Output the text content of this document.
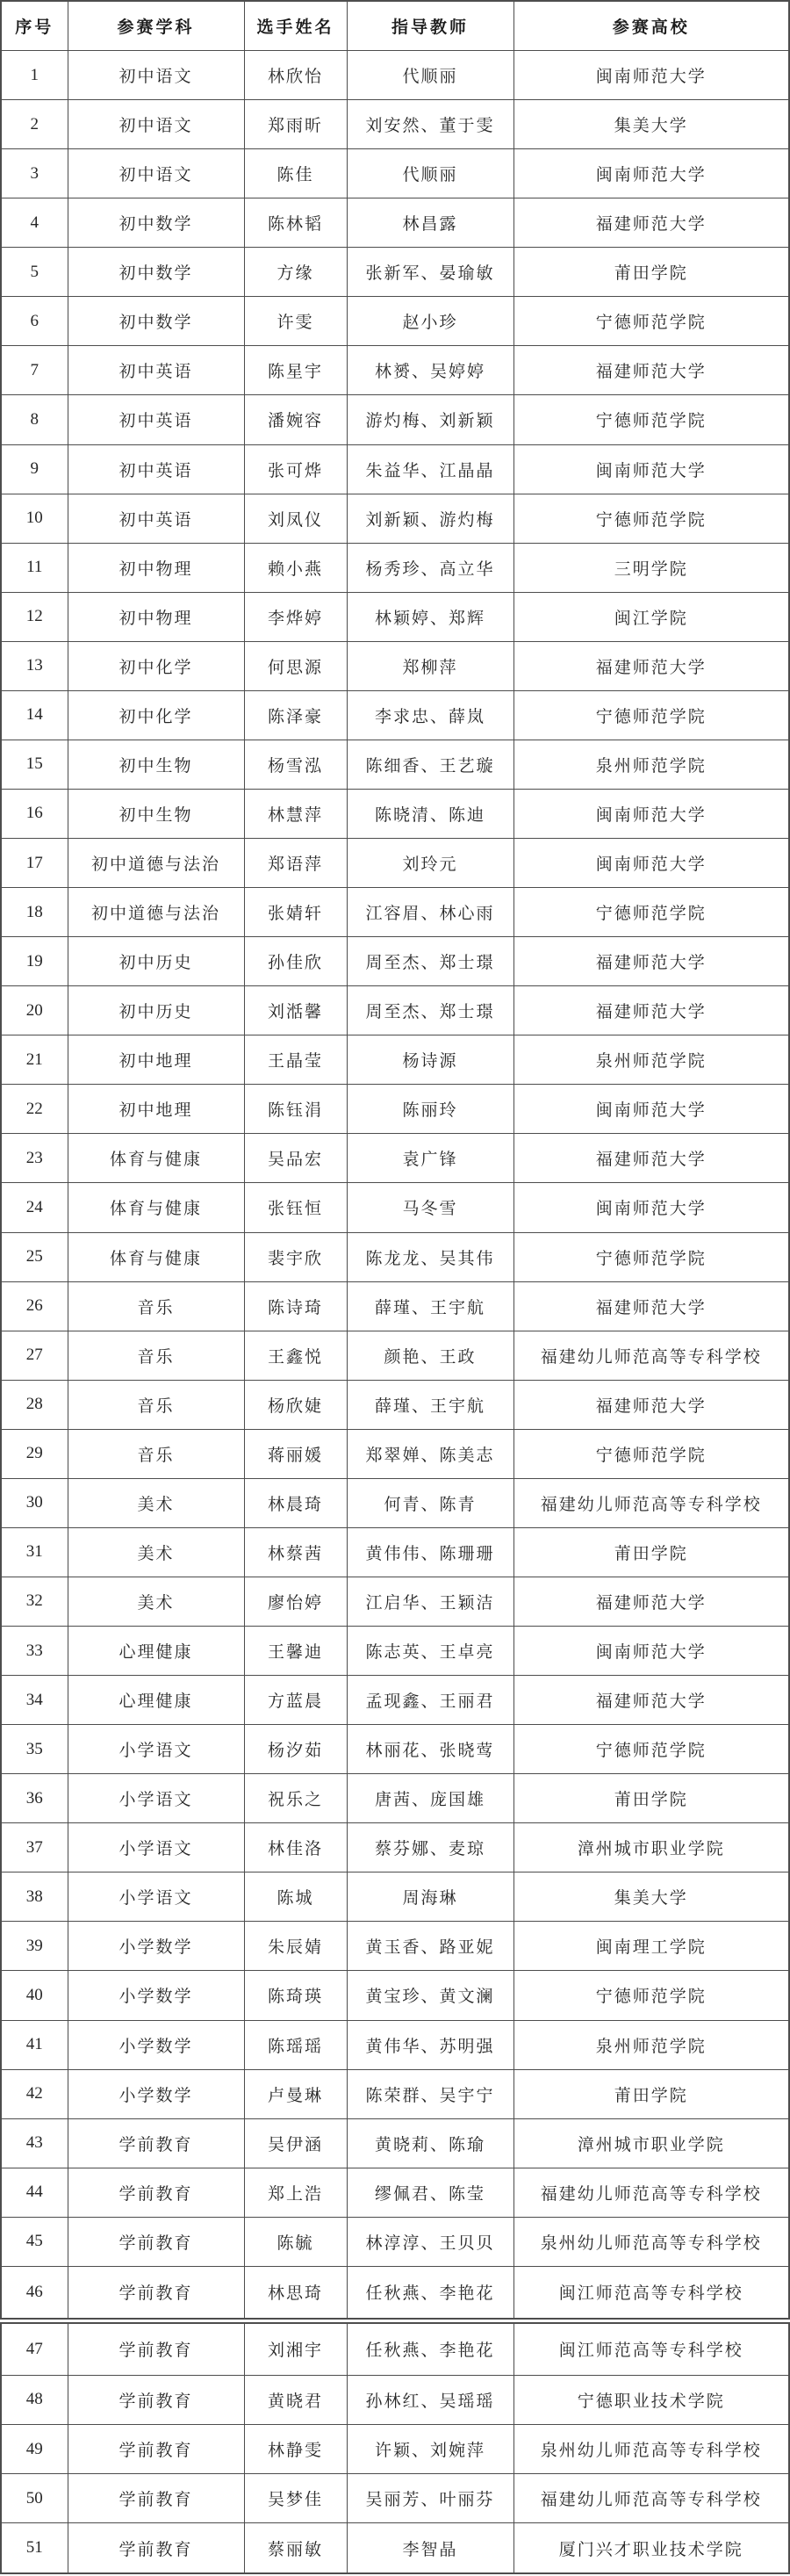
序号	参赛学科	选手姓名	指导教师	参赛高校
1	初中语文	林欣怡	代顺丽	闽南师范大学
2	初中语文	郑雨昕	刘安然、董于雯	集美大学
3	初中语文	陈佳	代顺丽	闽南师范大学
4	初中数学	陈林韬	林昌露	福建师范大学
5	初中数学	方缘	张新军、晏瑜敏	莆田学院
6	初中数学	许雯	赵小珍	宁德师范学院
7	初中英语	陈星宇	林赟、吴婷婷	福建师范大学
8	初中英语	潘婉容	游灼梅、刘新颖	宁德师范学院
9	初中英语	张可烨	朱益华、江晶晶	闽南师范大学
10	初中英语	刘凤仪	刘新颖、游灼梅	宁德师范学院
11	初中物理	赖小燕	杨秀珍、高立华	三明学院
12	初中物理	李烨婷	林颖婷、郑辉	闽江学院
13	初中化学	何思源	郑柳萍	福建师范大学
14	初中化学	陈泽豪	李求忠、薛岚	宁德师范学院
15	初中生物	杨雪泓	陈细香、王艺璇	泉州师范学院
16	初中生物	林慧萍	陈晓清、陈迪	闽南师范大学
17	初中道德与法治	郑语萍	刘玲元	闽南师范大学
18	初中道德与法治	张婧轩	江容眉、林心雨	宁德师范学院
19	初中历史	孙佳欣	周至杰、郑士璟	福建师范大学
20	初中历史	刘湉馨	周至杰、郑士璟	福建师范大学
21	初中地理	王晶莹	杨诗源	泉州师范学院
22	初中地理	陈钰涓	陈丽玲	闽南师范大学
23	体育与健康	吴品宏	袁广锋	福建师范大学
24	体育与健康	张钰恒	马冬雪	闽南师范大学
25	体育与健康	裴宇欣	陈龙龙、吴其伟	宁德师范学院
26	音乐	陈诗琦	薛瑾、王宇航	福建师范大学
27	音乐	王鑫悦	颜艳、王政	福建幼儿师范高等专科学校
28	音乐	杨欣婕	薛瑾、王宇航	福建师范大学
29	音乐	蒋丽媛	郑翠婵、陈美志	宁德师范学院
30	美术	林晨琦	何青、陈青	福建幼儿师范高等专科学校
31	美术	林蔡茜	黄伟伟、陈珊珊	莆田学院
32	美术	廖怡婷	江启华、王颖洁	福建师范大学
33	心理健康	王馨迪	陈志英、王卓亮	闽南师范大学
34	心理健康	方蓝晨	孟现鑫、王丽君	福建师范大学
35	小学语文	杨汐茹	林丽花、张晓莺	宁德师范学院
36	小学语文	祝乐之	唐茜、庞国雄	莆田学院
37	小学语文	林佳洛	蔡芬娜、麦琼	漳州城市职业学院
38	小学语文	陈城	周海琳	集美大学
39	小学数学	朱辰婧	黄玉香、路亚妮	闽南理工学院
40	小学数学	陈琦瑛	黄宝珍、黄文澜	宁德师范学院
41	小学数学	陈瑶瑶	黄伟华、苏明强	泉州师范学院
42	小学数学	卢曼琳	陈荣群、吴宇宁	莆田学院
43	学前教育	吴伊涵	黄晓莉、陈瑜	漳州城市职业学院
44	学前教育	郑上浩	缪佩君、陈莹	福建幼儿师范高等专科学校
45	学前教育	陈毓	林淳淳、王贝贝	泉州幼儿师范高等专科学校
46	学前教育	林思琦	任秋燕、李艳花	闽江师范高等专科学校
47	学前教育	刘湘宇	任秋燕、李艳花	闽江师范高等专科学校
48	学前教育	黄晓君	孙林红、吴瑶瑶	宁德职业技术学院
49	学前教育	林静雯	许颖、刘婉萍	泉州幼儿师范高等专科学校
50	学前教育	吴梦佳	吴丽芳、叶丽芬	福建幼儿师范高等专科学校
51	学前教育	蔡丽敏	李智晶	厦门兴才职业技术学院
